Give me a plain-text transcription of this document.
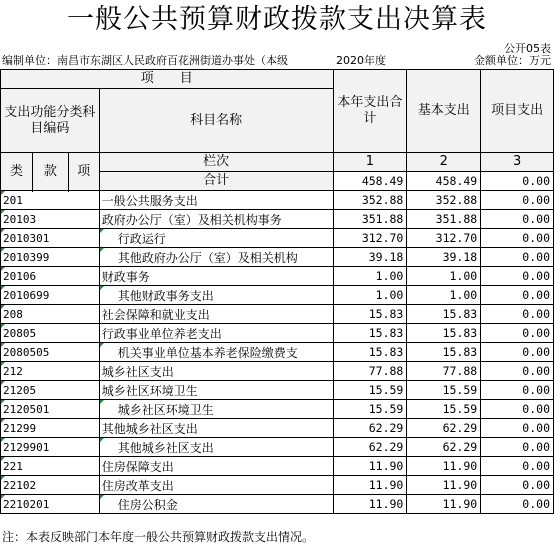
一般公共预算财政拨款支出决算表
公开05表
编制单位：南昌市东湖区人民政府百花洲街道办事处（本级	2020年度	金额单位：万元
项　　目				本年支出合计	基本支出	项目支出
支出功能分类科目编码			科目名称			

类	款	项	栏次	1	2	3
			合计	458.49	458.49	0.00

201			一般公共服务支出	352.88	352.88	0.00
20103			政府办公厅（室）及相关机构事务	351.88	351.88	0.00
2010301			行政运行	312.70	312.70	0.00
2010399			其他政府办公厅（室）及相关机构	39.18	39.18	0.00
20106			财政事务	1.00	1.00	0.00
2010699			其他财政事务支出	1.00	1.00	0.00
208			社会保障和就业支出	15.83	15.83	0.00
20805			行政事业单位养老支出	15.83	15.83	0.00
2080505			机关事业单位基本养老保险缴费支	15.83	15.83	0.00
212			城乡社区支出	77.88	77.88	0.00
21205			城乡社区环境卫生	15.59	15.59	0.00
2120501			城乡社区环境卫生	15.59	15.59	0.00
21299			其他城乡社区支出	62.29	62.29	0.00
2129901			其他城乡社区支出	62.29	62.29	0.00
221			住房保障支出	11.90	11.90	0.00
22102			住房改革支出	11.90	11.90	0.00
2210201			住房公积金	11.90	11.90	0.00
注：本表反映部门本年度一般公共预算财政拨款支出情况。
